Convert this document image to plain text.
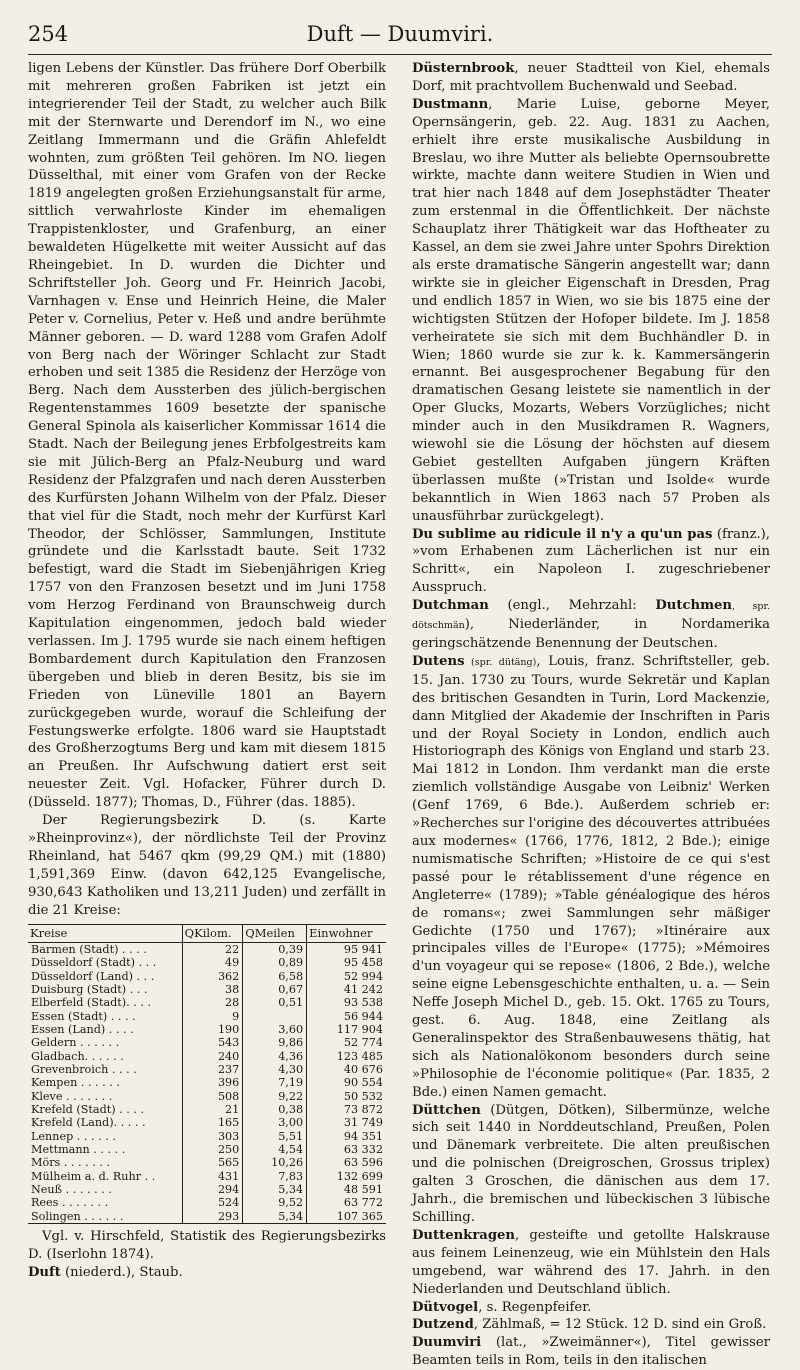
254	Duft — Duumviri.

ligen Lebens der Künstler. Das frühere Dorf Oberbilk mit mehreren großen Fabriken ist jetzt ein integrierender Teil der Stadt, zu welcher auch Bilk mit der Sternwarte und Derendorf im N., wo eine Zeitlang Immermann und die Gräfin Ahlefeldt wohnten, zum größten Teil gehören. Im NO. liegen Düsselthal, mit einer vom Grafen von der Recke 1819 angelegten großen Erziehungsanstalt für arme, sittlich verwahrloste Kinder im ehemaligen Trappistenkloster, und Grafenburg, an einer bewaldeten Hügelkette mit weiter Aussicht auf das Rheingebiet. In D. wurden die Dichter und Schriftsteller Joh. Georg und Fr. Heinrich Jacobi, Varnhagen v. Ense und Heinrich Heine, die Maler Peter v. Cornelius, Peter v. Heß und andre berühmte Männer geboren. — D. ward 1288 vom Grafen Adolf von Berg nach der Wöringer Schlacht zur Stadt erhoben und seit 1385 die Residenz der Herzöge von Berg. Nach dem Aussterben des jülich-bergischen Regentenstammes 1609 besetzte der spanische General Spinola als kaiserlicher Kommissar 1614 die Stadt. Nach der Beilegung jenes Erbfolgestreits kam sie mit Jülich-Berg an Pfalz-Neuburg und ward Residenz der Pfalzgrafen und nach deren Aussterben des Kurfürsten Johann Wilhelm von der Pfalz. Dieser that viel für die Stadt, noch mehr der Kurfürst Karl Theodor, der Schlösser, Sammlungen, Institute gründete und die Karlsstadt baute. Seit 1732 befestigt, ward die Stadt im Siebenjährigen Krieg 1757 von den Franzosen besetzt und im Juni 1758 vom Herzog Ferdinand von Braunschweig durch Kapitulation eingenommen, jedoch bald wieder verlassen. Im J. 1795 wurde sie nach einem heftigen Bombardement durch Kapitulation den Franzosen übergeben und blieb in deren Besitz, bis sie im Frieden von Lüneville 1801 an Bayern zurückgegeben wurde, worauf die Schleifung der Festungswerke erfolgte. 1806 ward sie Hauptstadt des Großherzogtums Berg und kam mit diesem 1815 an Preußen. Ihr Aufschwung datiert erst seit neuester Zeit. Vgl. Hofacker, Führer durch D. (Düsseld. 1877); Thomas, D., Führer (das. 1885).

Der Regierungsbezirk D. (s. Karte »Rheinprovinz«), der nördlichste Teil der Provinz Rheinland, hat 5467 qkm (99,29 QM.) mit (1880) 1,591,369 Einw. (davon 642,125 Evangelische, 930,643 Katholiken und 13,211 Juden) und zerfällt in die 21 Kreise:

Kreise	QKilom.	QMeilen	Einwohner
Barmen (Stadt) . . . .	22	0,39	95 941
Düsseldorf (Stadt) . . .	49	0,89	95 458
Düsseldorf (Land) . . .	362	6,58	52 994
Duisburg (Stadt) . . .	38	0,67	41 242
Elberfeld (Stadt). . . .	28	0,51	93 538
Essen (Stadt) . . . .	9		56 944
Essen (Land) . . . .	190	3,60	117 904
Geldern . . . . . .	543	9,86	52 774
Gladbach. . . . . .	240	4,36	123 485
Grevenbroich . . . .	237	4,30	40 676
Kempen . . . . . .	396	7,19	90 554
Kleve . . . . . . .	508	9,22	50 532
Krefeld (Stadt) . . . .	21	0,38	73 872
Krefeld (Land). . . . .	165	3,00	31 749
Lennep . . . . . .	303	5,51	94 351
Mettmann . . . . .	250	4,54	63 332
Mörs . . . . . . .	565	10,26	63 596
Mülheim a. d. Ruhr . .	431	7,83	132 699
Neuß . . . . . . .	294	5,34	48 591
Rees . . . . . . .	524	9,52	63 772
Solingen . . . . . .	293	5,34	107 365

Vgl. v. Hirschfeld, Statistik des Regierungsbezirks D. (Iserlohn 1874).

Duft (niederd.), Staub.

Düsternbrook, neuer Stadtteil von Kiel, ehemals Dorf, mit prachtvollem Buchenwald und Seebad.

Dustmann, Marie Luise, geborne Meyer, Opernsängerin, geb. 22. Aug. 1831 zu Aachen, erhielt ihre erste musikalische Ausbildung in Breslau, wo ihre Mutter als beliebte Opernsoubrette wirkte, machte dann weitere Studien in Wien und trat hier nach 1848 auf dem Josephstädter Theater zum erstenmal in die Öffentlichkeit. Der nächste Schauplatz ihrer Thätigkeit war das Hoftheater zu Kassel, an dem sie zwei Jahre unter Spohrs Direktion als erste dramatische Sängerin angestellt war; dann wirkte sie in gleicher Eigenschaft in Dresden, Prag und endlich 1857 in Wien, wo sie bis 1875 eine der wichtigsten Stützen der Hofoper bildete. Im J. 1858 verheiratete sie sich mit dem Buchhändler D. in Wien; 1860 wurde sie zur k. k. Kammersängerin ernannt. Bei ausgesprochener Begabung für den dramatischen Gesang leistete sie namentlich in der Oper Glucks, Mozarts, Webers Vorzügliches; nicht minder auch in den Musikdramen R. Wagners, wiewohl sie die Lösung der höchsten auf diesem Gebiet gestellten Aufgaben jüngern Kräften überlassen mußte (»Tristan und Isolde« wurde bekanntlich in Wien 1863 nach 57 Proben als unausführbar zurückgelegt).

Du sublime au ridicule il n'y a qu'un pas (franz.), »vom Erhabenen zum Lächerlichen ist nur ein Schritt«, ein Napoleon I. zugeschriebener Ausspruch.

Dutchman (engl., Mehrzahl: Dutchmen, spr. dötschmän), Niederländer, in Nordamerika geringschätzende Benennung der Deutschen.

Dutens (spr. dütäng), Louis, franz. Schriftsteller, geb. 15. Jan. 1730 zu Tours, wurde Sekretär und Kaplan des britischen Gesandten in Turin, Lord Mackenzie, dann Mitglied der Akademie der Inschriften in Paris und der Royal Society in London, endlich auch Historiograph des Königs von England und starb 23. Mai 1812 in London. Ihm verdankt man die erste ziemlich vollständige Ausgabe von Leibniz' Werken (Genf 1769, 6 Bde.). Außerdem schrieb er: »Recherches sur l'origine des découvertes attribuées aux modernes« (1766, 1776, 1812, 2 Bde.); einige numismatische Schriften; »Histoire de ce qui s'est passé pour le rétablissement d'une régence en Angleterre« (1789); »Table généalogique des héros de romans«; zwei Sammlungen sehr mäßiger Gedichte (1750 und 1767); »Itinéraire aux principales villes de l'Europe« (1775); »Mémoires d'un voyageur qui se repose« (1806, 2 Bde.), welche seine eigne Lebensgeschichte enthalten, u. a. — Sein Neffe Joseph Michel D., geb. 15. Okt. 1765 zu Tours, gest. 6. Aug. 1848, eine Zeitlang als Generalinspektor des Straßenbauwesens thätig, hat sich als Nationalökonom besonders durch seine »Philosophie de l'économie politique« (Par. 1835, 2 Bde.) einen Namen gemacht.

Düttchen (Dütgen, Dötken), Silbermünze, welche sich seit 1440 in Norddeutschland, Preußen, Polen und Dänemark verbreitete. Die alten preußischen und die polnischen (Dreigroschen, Grossus triplex) galten 3 Groschen, die dänischen aus dem 17. Jahrh., die bremischen und lübeckischen 3 lübische Schilling.

Duttenkragen, gesteifte und getollte Halskrause aus feinem Leinenzeug, wie ein Mühlstein den Hals umgebend, war während des 17. Jahrh. in den Niederlanden und Deutschland üblich.

Dütvogel, s. Regenpfeifer.

Dutzend, Zählmaß, = 12 Stück. 12 D. sind ein Groß.

Duumviri (lat., »Zweimänner«), Titel gewisser Beamten teils in Rom, teils in den italischen
